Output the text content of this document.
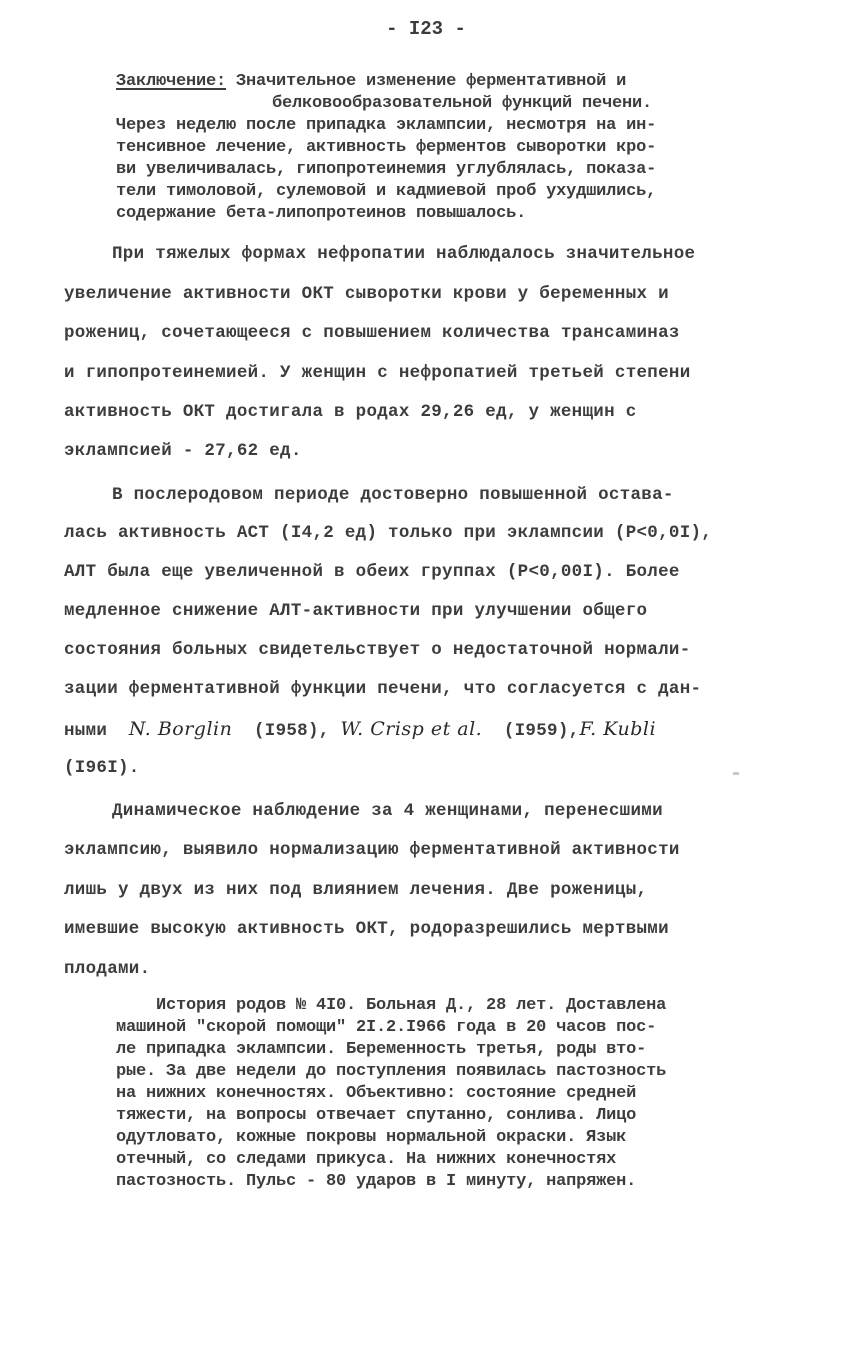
- I23 -
Заключение: Значительное изменение ферментативной и
белковообразовательной функций печени.
Через неделю после припадка эклампсии, несмотря на ин-
тенсивное лечение, активность ферментов сыворотки кро-
ви увеличивалась, гипопротеинемия углублялась, показа-
тели тимоловой, сулемовой и кадмиевой проб ухудшились,
содержание бета-липопротеинов повышалось.
При тяжелых формах нефропатии наблюдалось значительное
увеличение активности ОКТ сыворотки крови у беременных и
рожениц, сочетающееся с повышением количества трансаминаз
и гипопротеинемией. У женщин с нефропатией третьей степени
активность ОКТ достигала в родах 29,26 ед, у женщин с
эклампсией - 27,62 ед.
В послеродовом периоде достоверно повышенной остава-
лась активность АСТ (I4,2 ед) только при эклампсии (Р<0,0I),
АЛТ была еще увеличенной в обеих группах (Р<0,00I). Более
медленное снижение АЛТ-активности при улучшении общего
состояния больных свидетельствует о недостаточной нормали-
зации ферментативной функции печени, что согласуется с дан-
ными N. Borglin (I958), W. Crisp et al. (I959),F. Kubli
(I96I).
Динамическое наблюдение за 4 женщинами, перенесшими
эклампсию, выявило нормализацию ферментативной активности
лишь у двух из них под влиянием лечения. Две роженицы,
имевшие высокую активность ОКТ, родоразрешились мертвыми
плодами.
История родов № 4I0. Больная Д., 28 лет. Доставлена
машиной "скорой помощи" 2I.2.I966 года в 20 часов пос-
ле припадка эклампсии. Беременность третья, роды вто-
рые. За две недели до поступления появилась пастозность
на нижних конечностях. Объективно: состояние средней
тяжести, на вопросы отвечает спутанно, сонлива. Лицо
одутловато, кожные покровы нормальной окраски. Язык
отечный, со следами прикуса. На нижних конечностях
пастозность. Пульс - 80 ударов в I минуту, напряжен.
